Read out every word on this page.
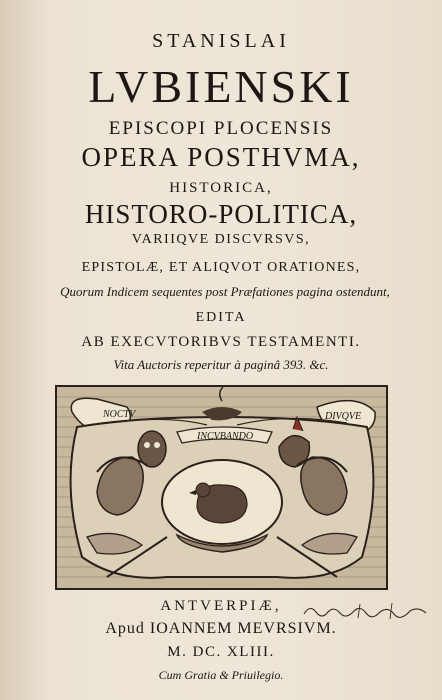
STANISLAI
LVBIENSKI
EPISCOPI PLOCENSIS
OPERA POSTHVMA,
HISTORICA,
HISTORO-POLITICA,
VARIIQVE DISCVRSVS,
EPISTOLÆ, ET ALIQVOT ORATIONES,
Quorum Indicem sequentes post Præfationes pagina ostendunt,
EDITA
AB EXECVTORIBVS TESTAMENTI.
Vita Auctoris reperitur à paginâ 393. &c.
NOCTV
INCVBANDO
DIVQVE
ANTVERPIÆ,
Apud IOANNEM MEVRSIVM.
M. DC. XLIII.
Cum Gratia & Priuilegio.
